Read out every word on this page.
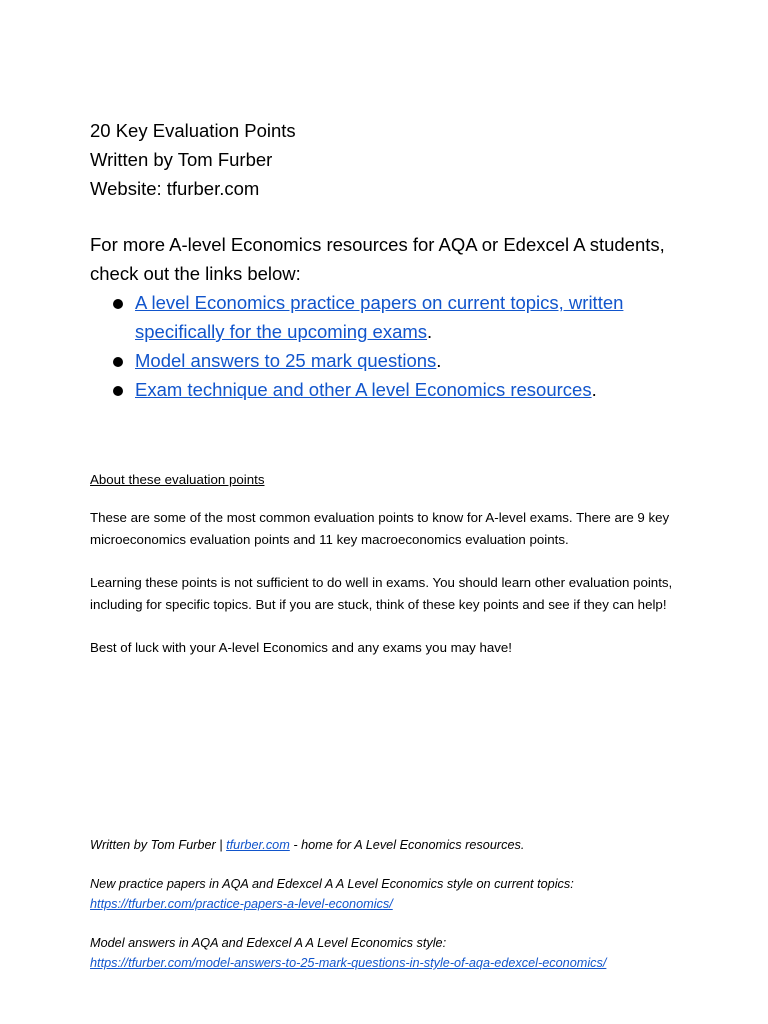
20 Key Evaluation Points
Written by Tom Furber
Website: tfurber.com

For more A-level Economics resources for AQA or Edexcel A students, check out the links below:

A level Economics practice papers on current topics, written specifically for the upcoming exams.
Model answers to 25 mark questions.
Exam technique and other A level Economics resources.

About these evaluation points

These are some of the most common evaluation points to know for A-level exams. There are 9 key microeconomics evaluation points and 11 key macroeconomics evaluation points.

Learning these points is not sufficient to do well in exams. You should learn other evaluation points, including for specific topics. But if you are stuck, think of these key points and see if they can help!

Best of luck with your A-level Economics and any exams you may have!

Written by Tom Furber | tfurber.com - home for A Level Economics resources.

New practice papers in AQA and Edexcel A A Level Economics style on current topics:
https://tfurber.com/practice-papers-a-level-economics/

Model answers in AQA and Edexcel A A Level Economics style:
https://tfurber.com/model-answers-to-25-mark-questions-in-style-of-aqa-edexcel-economics/
